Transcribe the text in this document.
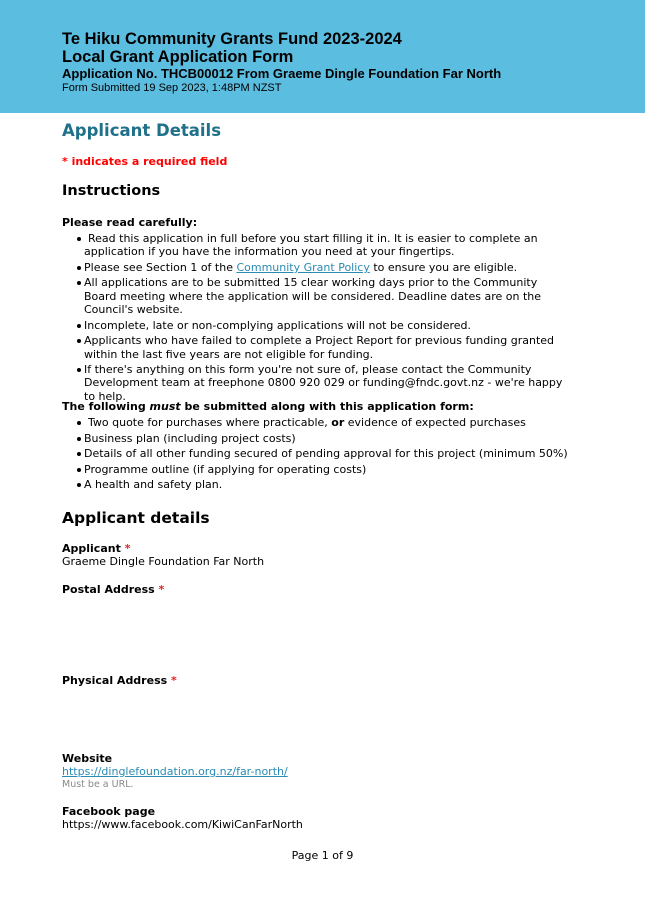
Te Hiku Community Grants Fund 2023-2024
Local Grant Application Form
Application No. THCB00012 From Graeme Dingle Foundation Far North
Form Submitted 19 Sep 2023, 1:48PM NZST
Applicant Details
* indicates a required field
Instructions
Please read carefully:
Read this application in full before you start filling it in. It is easier to complete an application if you have the information you need at your fingertips.
Please see Section 1 of the Community Grant Policy to ensure you are eligible.
All applications are to be submitted 15 clear working days prior to the Community Board meeting where the application will be considered. Deadline dates are on the Council's website.
Incomplete, late or non-complying applications will not be considered.
Applicants who have failed to complete a Project Report for previous funding granted within the last five years are not eligible for funding.
If there's anything on this form you're not sure of, please contact the Community Development team at freephone 0800 920 029 or funding@fndc.govt.nz - we're happy to help.
The following must be submitted along with this application form:
Two quote for purchases where practicable, or evidence of expected purchases
Business plan (including project costs)
Details of all other funding secured of pending approval for this project (minimum 50%)
Programme outline (if applying for operating costs)
A health and safety plan.
Applicant details
Applicant *
Graeme Dingle Foundation Far North
Postal Address *
Physical Address *
Website
https://dinglefoundation.org.nz/far-north/
Must be a URL.
Facebook page
https://www.facebook.com/KiwiCanFarNorth
Page 1 of 9
